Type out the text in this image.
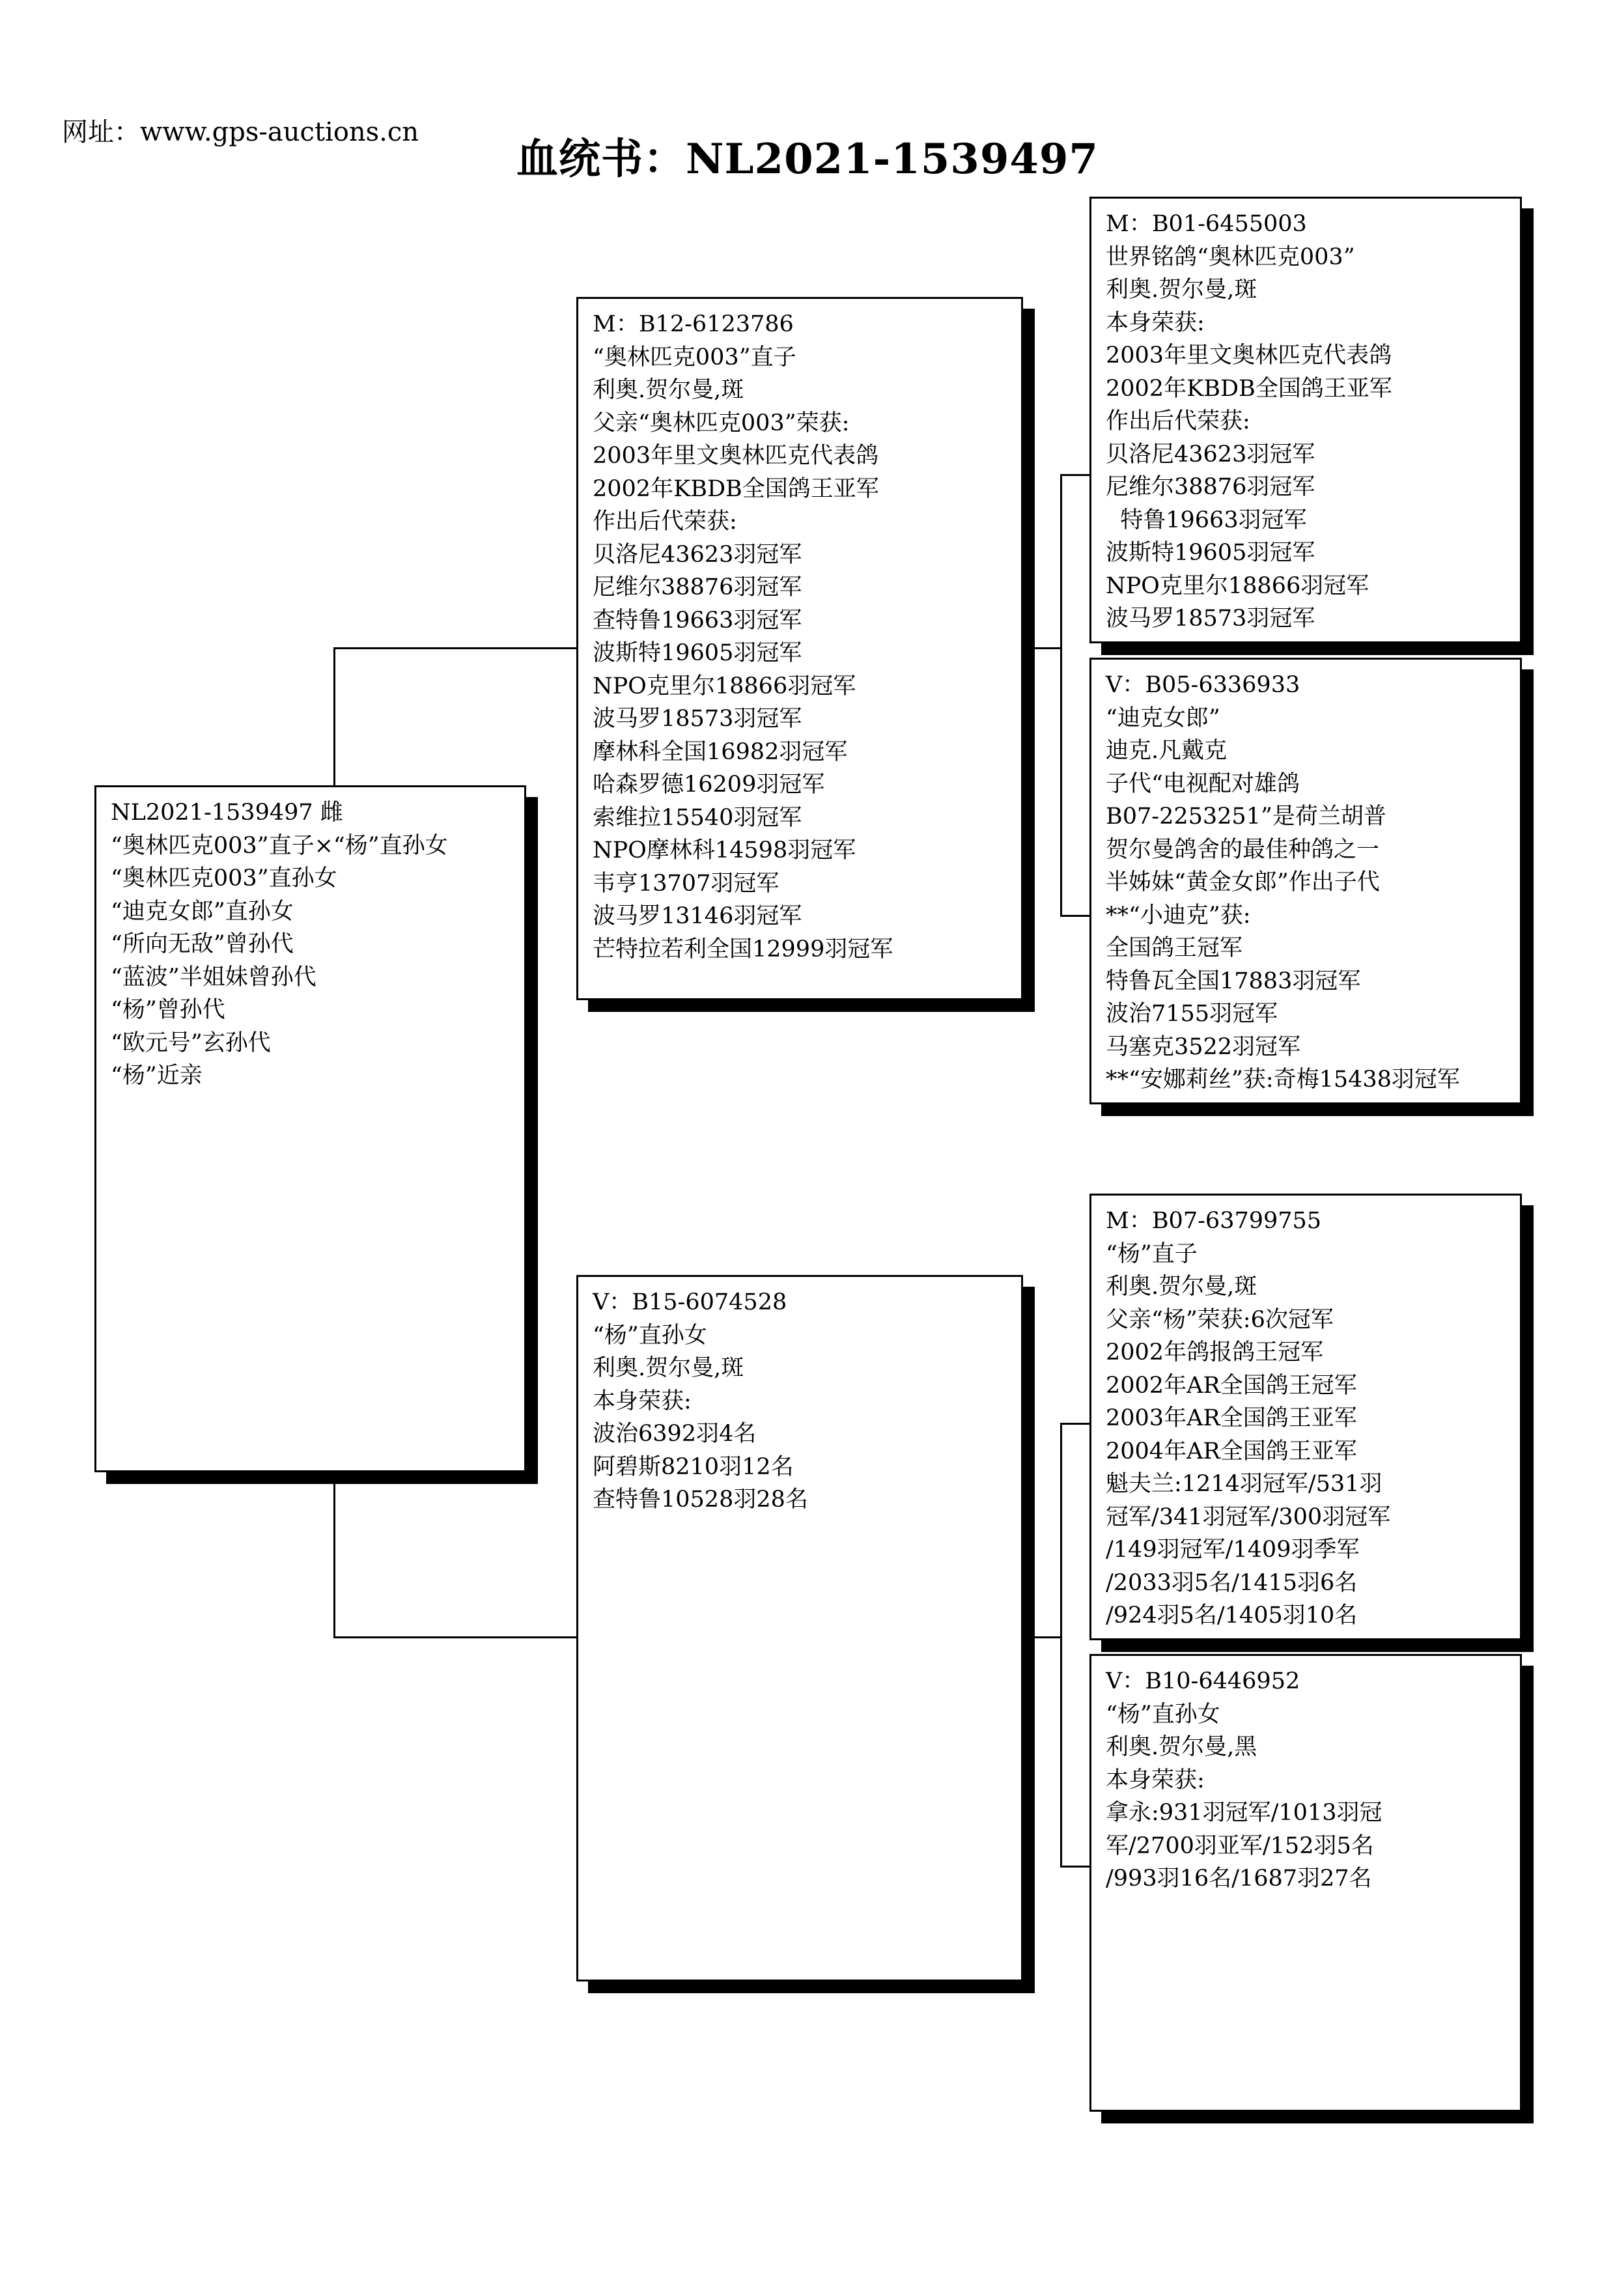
网址：www.gps-auctions.cn
血统书：NL2021-1539497
NL2021-1539497 雌
“奥林匹克003”直子×“杨”直孙女
“奥林匹克003”直孙女
“迪克女郎”直孙女
“所向无敌”曾孙代
“蓝波”半姐妹曾孙代
“杨”曾孙代
“欧元号”玄孙代
“杨”近亲
M：B12-6123786
“奥林匹克003”直子
利奥.贺尔曼,斑
父亲“奥林匹克003”荣获:
2003年里文奥林匹克代表鸽
2002年KBDB全国鸽王亚军
作出后代荣获:
贝洛尼43623羽冠军
尼维尔38876羽冠军
查特鲁19663羽冠军
波斯特19605羽冠军
NPO克里尔18866羽冠军
波马罗18573羽冠军
摩林科全国16982羽冠军
哈森罗德16209羽冠军
索维拉15540羽冠军
NPO摩林科14598羽冠军
韦亨13707羽冠军
波马罗13146羽冠军
芒特拉若利全国12999羽冠军
V：B15-6074528
“杨”直孙女
利奥.贺尔曼,斑
本身荣获:
波治6392羽4名
阿碧斯8210羽12名
查特鲁10528羽28名
M：B01-6455003
世界铭鸽“奥林匹克003”
利奥.贺尔曼,斑
本身荣获:
2003年里文奥林匹克代表鸽
2002年KBDB全国鸽王亚军
作出后代荣获:
贝洛尼43623羽冠军
尼维尔38876羽冠军
特鲁19663羽冠军
波斯特19605羽冠军
NPO克里尔18866羽冠军
波马罗18573羽冠军
V：B05-6336933
“迪克女郎”
迪克.凡戴克
子代“电视配对雄鸽
B07-2253251”是荷兰胡普
贺尔曼鸽舍的最佳种鸽之一
半姊妹“黄金女郎”作出子代
**“小迪克”获:
全国鸽王冠军
特鲁瓦全国17883羽冠军
波治7155羽冠军
马塞克3522羽冠军
**“安娜莉丝”获:奇梅15438羽冠军
M：B07-63799755
“杨”直子
利奥.贺尔曼,斑
父亲“杨”荣获:6次冠军
2002年鸽报鸽王冠军
2002年AR全国鸽王冠军
2003年AR全国鸽王亚军
2004年AR全国鸽王亚军
魁夫兰:1214羽冠军/531羽
冠军/341羽冠军/300羽冠军
/149羽冠军/1409羽季军
/2033羽5名/1415羽6名
/924羽5名/1405羽10名
V：B10-6446952
“杨”直孙女
利奥.贺尔曼,黑
本身荣获:
拿永:931羽冠军/1013羽冠
军/2700羽亚军/152羽5名
/993羽16名/1687羽27名
